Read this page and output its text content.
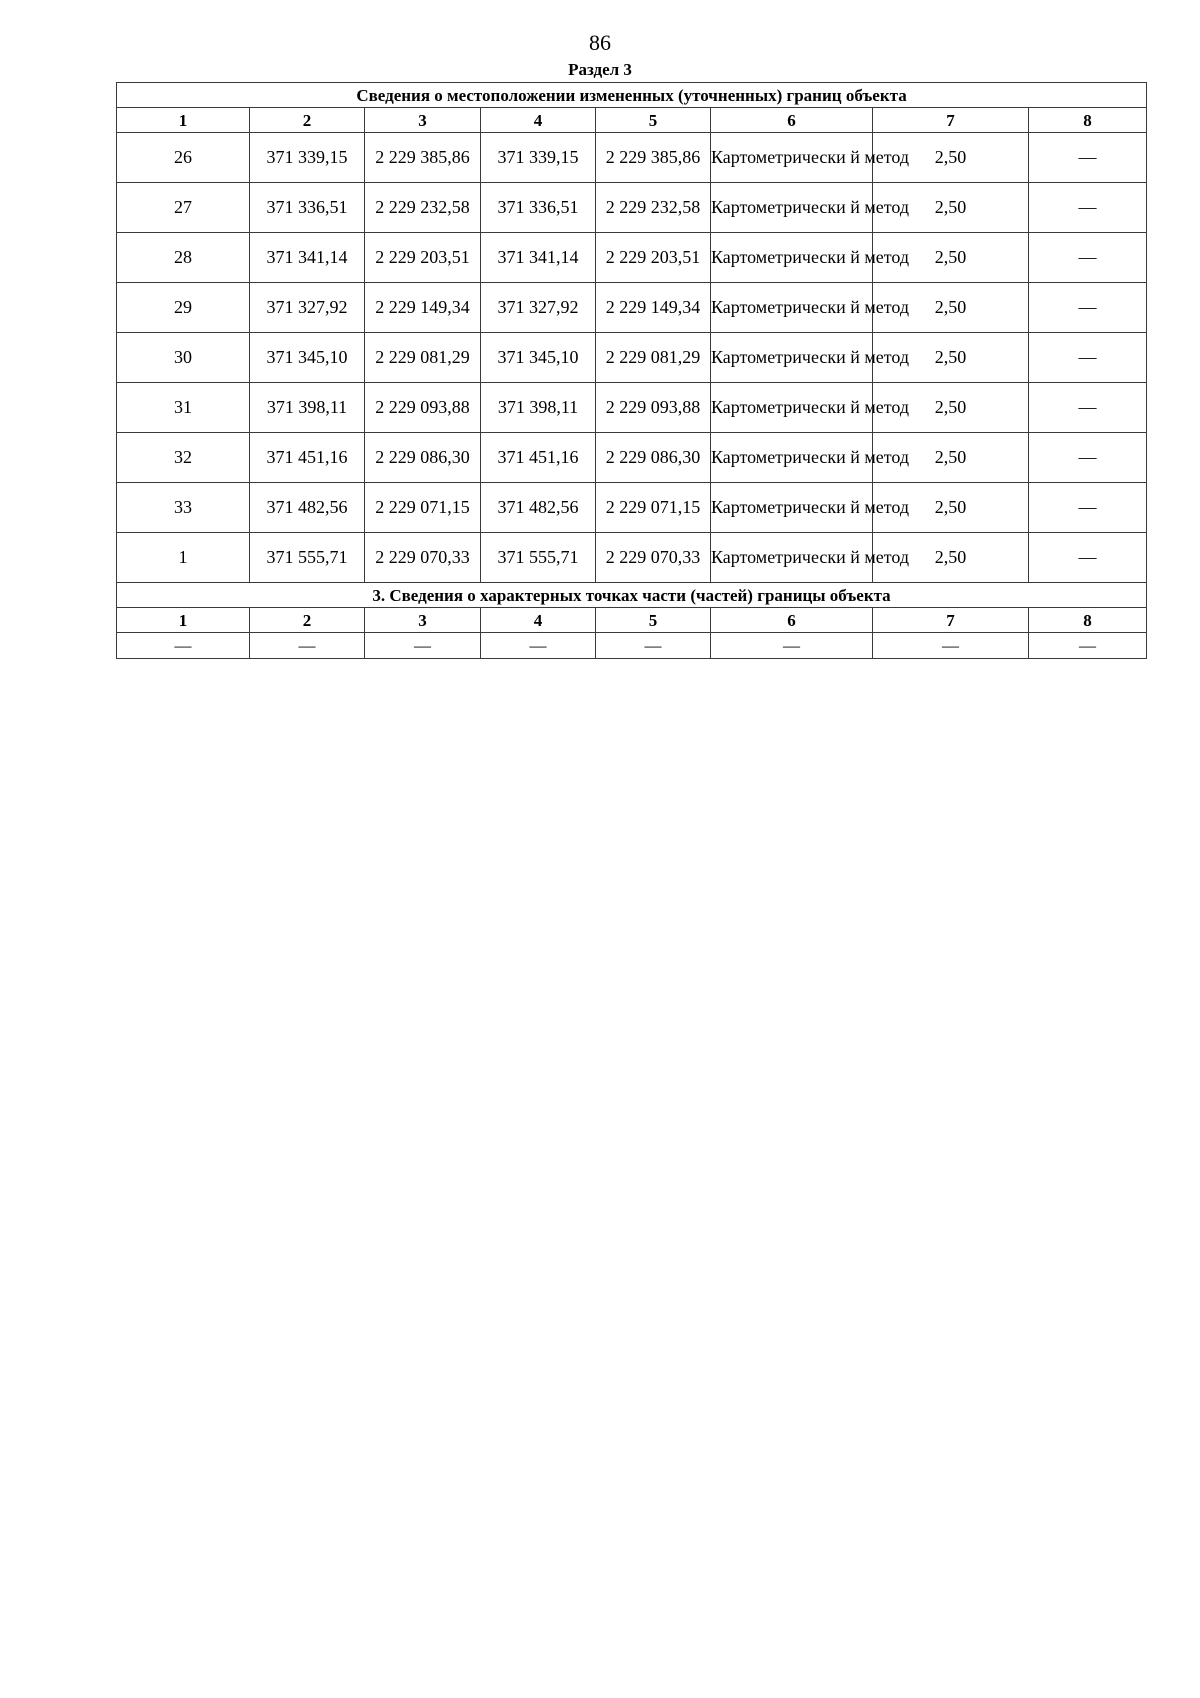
86
Раздел 3
Сведения о местоположении измененных (уточненных) границ объекта							
1	2	3	4	5	6	7	8
26	371 339,15	2 229 385,86	371 339,15	2 229 385,86	Картометрически й метод	2,50	—
27	371 336,51	2 229 232,58	371 336,51	2 229 232,58	Картометрически й метод	2,50	—
28	371 341,14	2 229 203,51	371 341,14	2 229 203,51	Картометрически й метод	2,50	—
29	371 327,92	2 229 149,34	371 327,92	2 229 149,34	Картометрически й метод	2,50	—
30	371 345,10	2 229 081,29	371 345,10	2 229 081,29	Картометрически й метод	2,50	—
31	371 398,11	2 229 093,88	371 398,11	2 229 093,88	Картометрически й метод	2,50	—
32	371 451,16	2 229 086,30	371 451,16	2 229 086,30	Картометрически й метод	2,50	—
33	371 482,56	2 229 071,15	371 482,56	2 229 071,15	Картометрически й метод	2,50	—
1	371 555,71	2 229 070,33	371 555,71	2 229 070,33	Картометрически й метод	2,50	—
3. Сведения о характерных точках части (частей) границы объекта							
1	2	3	4	5	6	7	8
—	—	—	—	—	—	—	—
